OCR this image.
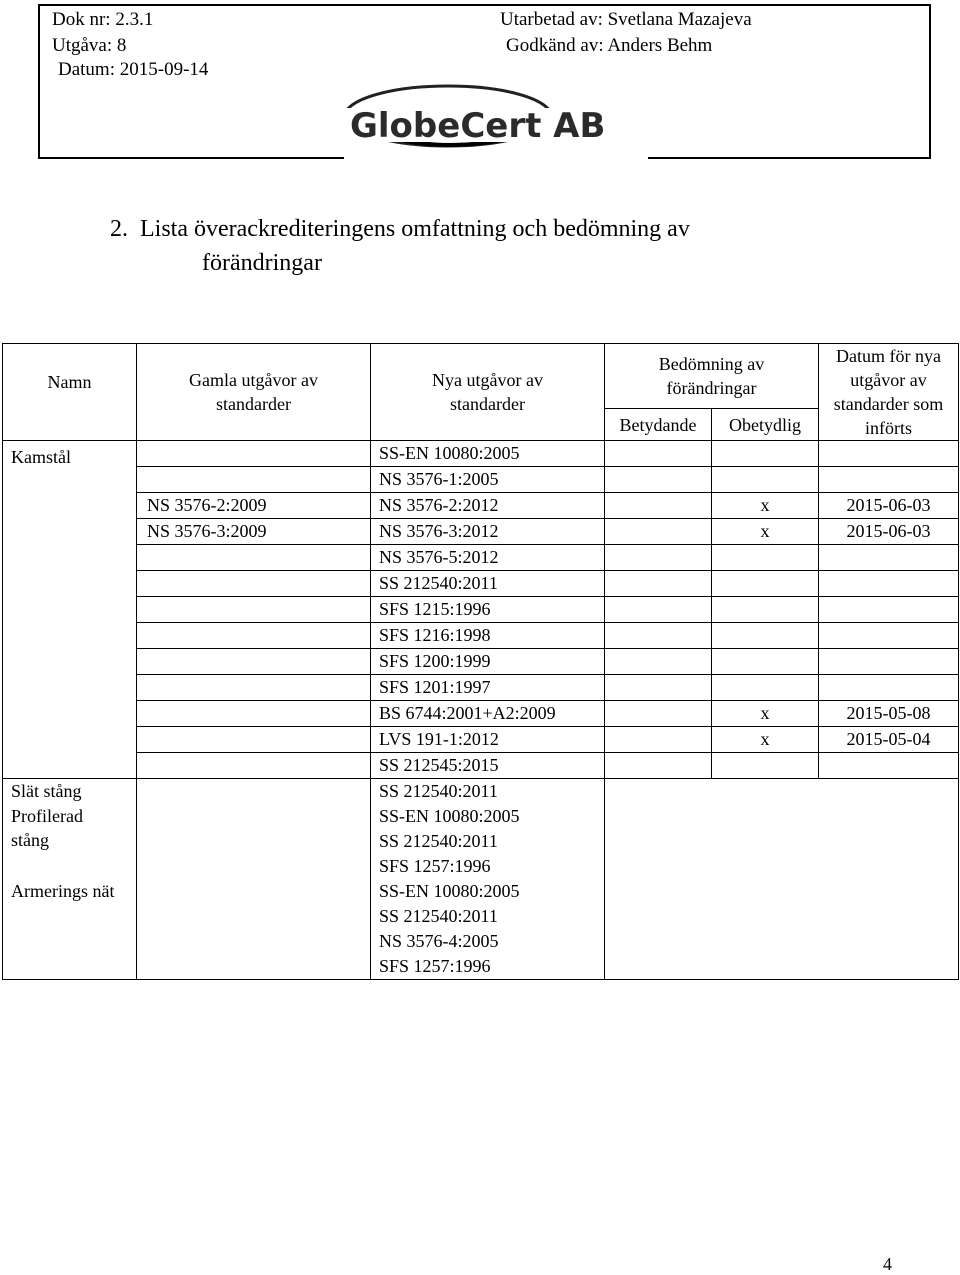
Dok nr: 2.3.1
Utgåva: 8
Datum: 2015-09-14
Utarbetad av: Svetlana Mazajeva
Godkänd av: Anders Behm
GlobeCert AB
2. Lista överackrediteringens omfattning och bedömning av
förändringar
Namn	Gamla utgåvor av standarder	Nya utgåvor av standarder	Bedömning av förändringar		Datum för nya utgåvor av standarder som införts
			Betydande	Obetydlig	
Kamstål		SS-EN 10080:2005			
		NS 3576-1:2005			
	NS 3576-2:2009	NS 3576-2:2012		x	2015-06-03
	NS 3576-3:2009	NS 3576-3:2012		x	2015-06-03
		NS 3576-5:2012			
		SS 212540:2011			
		SFS 1215:1996			
		SFS 1216:1998			
		SFS 1200:1999			
		SFS 1201:1997			
		BS 6744:2001+A2:2009		x	2015-05-08
		LVS 191-1:2012		x	2015-05-04
		SS 212545:2015			

Slät stång		SS 212540:2011			

Profilerad stång		SS-EN 10080:2005			
		SS 212540:2011			
		SFS 1257:1996			

Armerings nät		SS-EN 10080:2005			
		SS 212540:2011			
		NS 3576-4:2005			
		SFS 1257:1996			
4
